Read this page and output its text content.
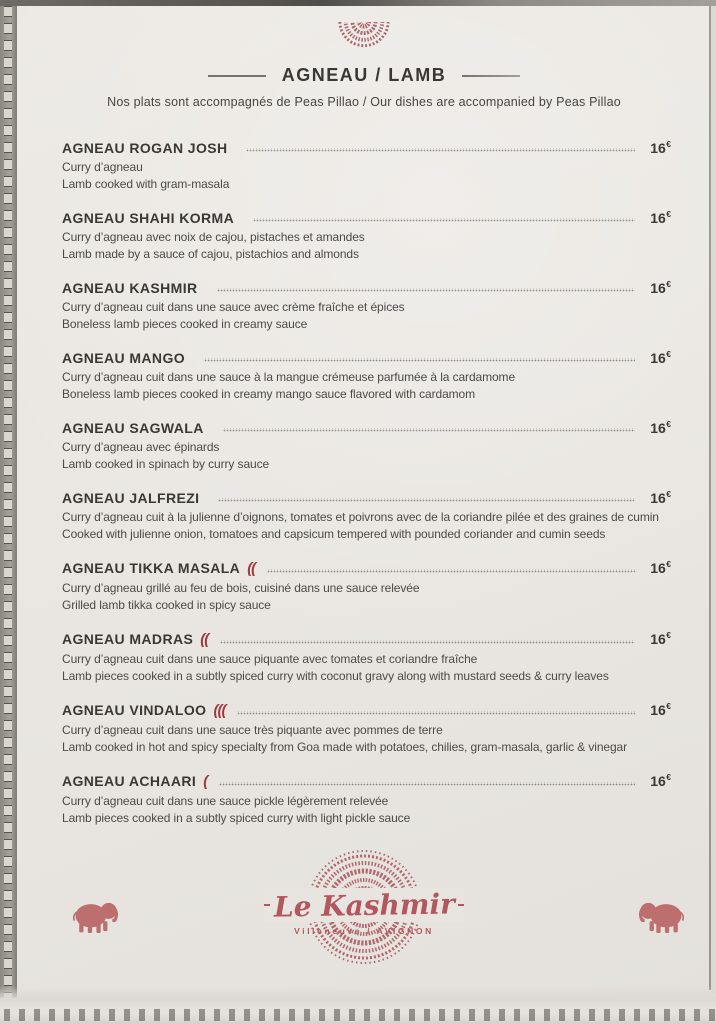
AGNEAU / LAMB

Nos plats sont accompagnés de Peas Pillao / Our dishes are accompanied by Peas Pillao

AGNEAU ROGAN JOSH	16€

Curry d’agneau

Lamb cooked with gram-masala

AGNEAU SHAHI KORMA	16€

Curry d’agneau avec noix de cajou, pistaches et amandes

Lamb made by a sauce of cajou, pistachios and almonds

AGNEAU KASHMIR	16€

Curry d’agneau cuit dans une sauce avec crème fraîche et épices

Boneless lamb pieces cooked in creamy sauce

AGNEAU MANGO	16€

Curry d’agneau cuit dans une sauce à la mangue crémeuse parfumée à la cardamome

Boneless lamb pieces cooked in creamy mango sauce flavored with cardamom

AGNEAU SAGWALA	16€

Curry d’agneau avec épinards

Lamb cooked in spinach by curry sauce

AGNEAU JALFREZI	16€

Curry d’agneau cuit à la julienne d’oignons, tomates et poivrons avec de la coriandre pilée et des graines de cumin

Cooked with julienne onion, tomatoes and capsicum tempered with pounded coriander and cumin seeds

AGNEAU TIKKA MASALA ((	16€

Curry d’agneau grillé au feu de bois, cuisiné dans une sauce relevée

Grilled lamb tikka cooked in spicy sauce

AGNEAU MADRAS ((	16€

Curry d’agneau cuit dans une sauce piquante avec tomates et coriandre fraîche

Lamb pieces cooked in a subtly spiced curry with coconut gravy along with mustard seeds & curry leaves

AGNEAU VINDALOO (((	16€

Curry d’agneau cuit dans une sauce très piquante avec pommes de terre

Lamb cooked in hot and spicy specialty from Goa made with potatoes, chilies, gram-masala, garlic & vinegar

AGNEAU ACHAARI (	16€

Curry d’agneau cuit dans une sauce pickle légèrement relevée

Lamb pieces cooked in a subtly spiced curry with light pickle sauce

Le Kashmir
Villeneuve / AVIGNON
